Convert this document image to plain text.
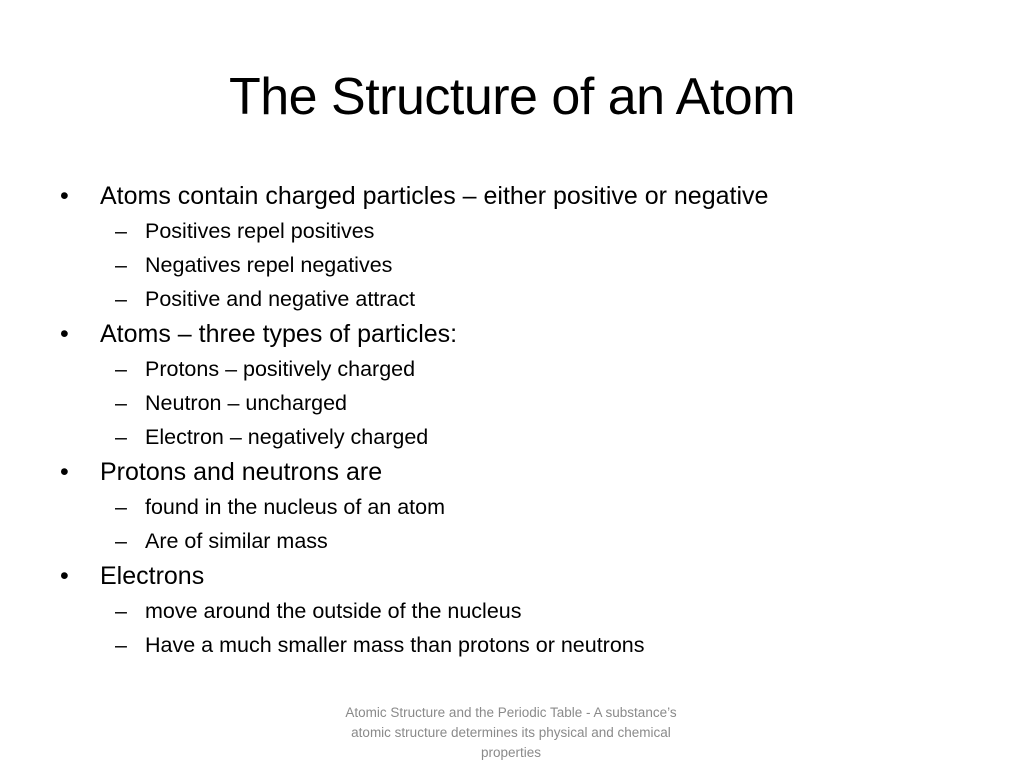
The Structure of an Atom
•	Atoms contain charged particles – either positive or negative
– Positives repel positives
– Negatives repel negatives
– Positive and negative attract
•	Atoms – three types of particles:
– Protons – positively charged
– Neutron – uncharged
– Electron – negatively charged
•	Protons and neutrons are
– found in the nucleus of an atom
– Are of similar mass
•	Electrons
– move around the outside of the nucleus
– Have a much smaller mass than protons or neutrons
Atomic Structure and the Periodic Table - A substance’s atomic structure determines its physical and chemical properties
